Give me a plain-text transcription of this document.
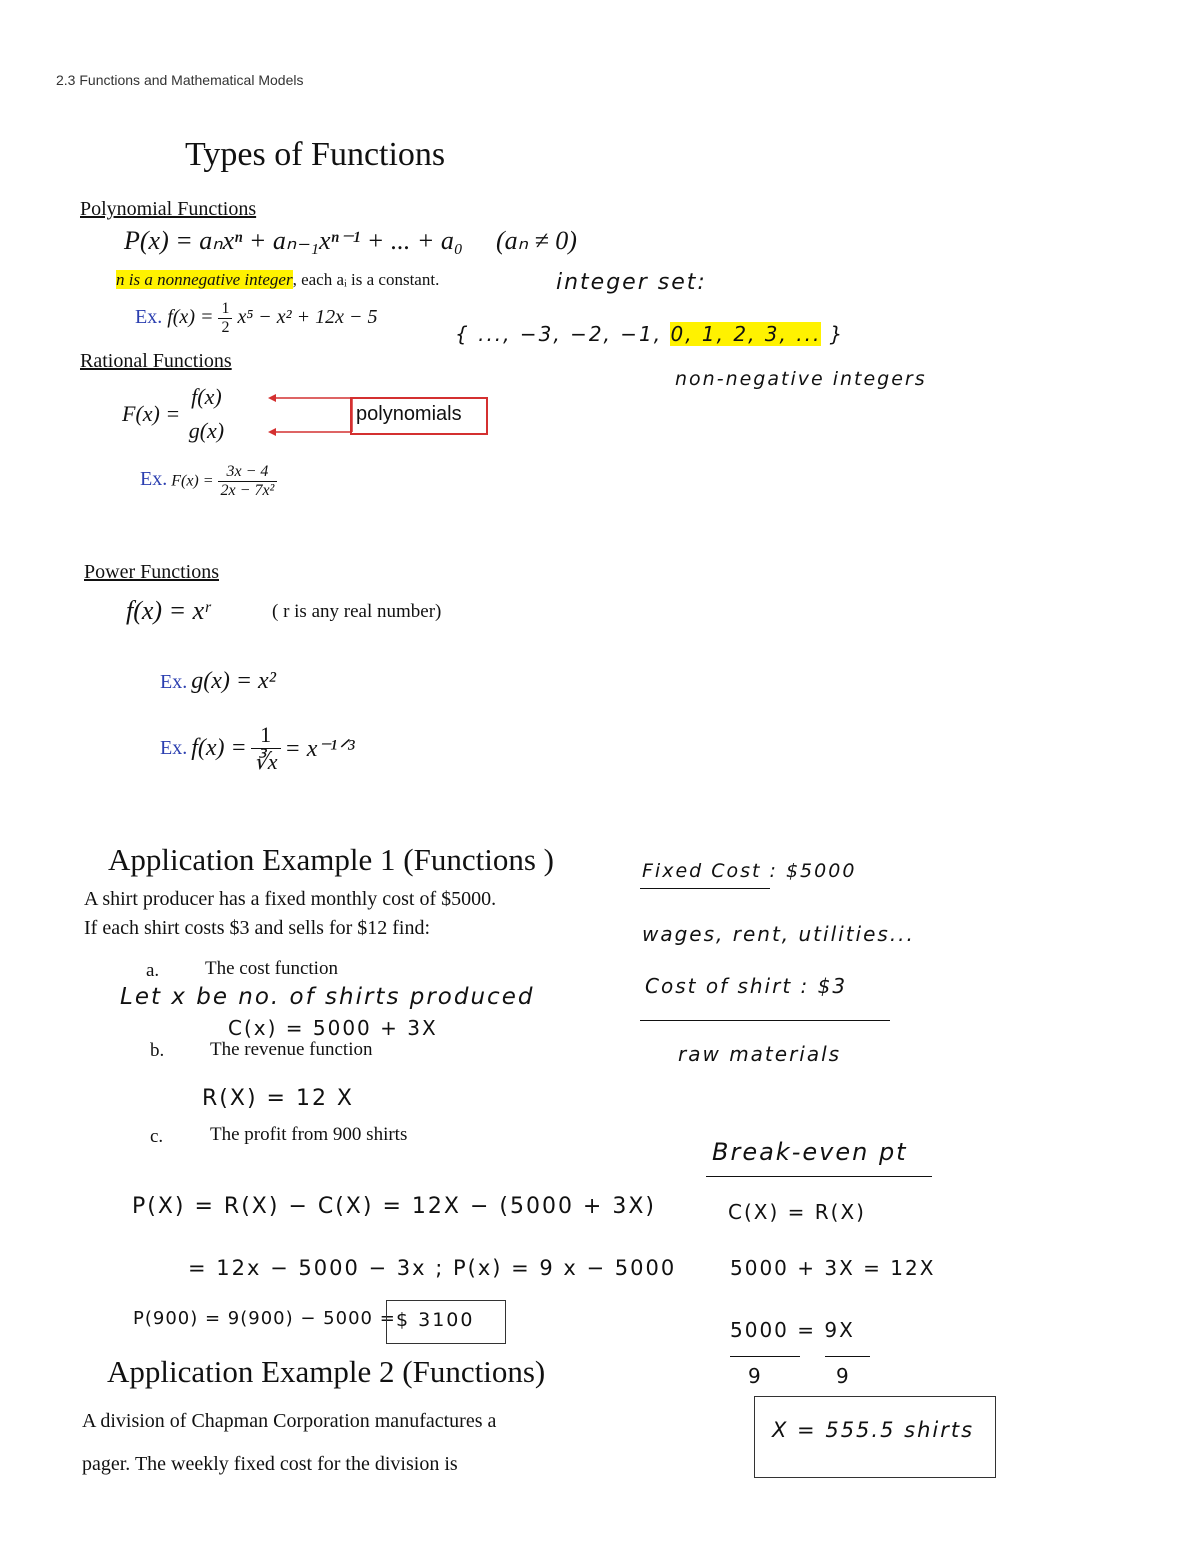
2.3 Functions and Mathematical Models
Types of Functions
Polynomial Functions
P(x) = aₙxⁿ + aₙ₋₁xⁿ⁻¹ + ... + a₀ (aₙ ≠ 0)
n is a nonnegative integer, each aᵢ is a constant.
Ex. $f(x) = \frac{1}{2} x^5 - x^2 + 12x - 5$
integer set:
{ ..., −3, −2, −1, 0, 1, 2, 3, ... }
non-negative integers
Rational Functions
F(x) =
f(x)
g(x)
polynomials
Ex. $F(x) = \frac{3x - 4}{\text{2x − 7x²}}$
Power Functions
f(x) = xʳ	( r is any real number)
Ex. g(x) = x²
Ex. $f(x) = \frac{1}{∛x}$ = x⁻¹ᐟ³
Application Example 1 (Functions )
A shirt producer has a fixed monthly cost of $5000.
If each shirt costs $3 and sells for $12 find:
a. The cost function
Let x be no. of shirts produced
C(x) = 5000 + 3X
b. The revenue function
R(X) = 12 X
c. The profit from 900 shirts
P(X) = R(X) − C(X) = 12X − (5000 + 3X)
= 12x − 5000 − 3x ; P(x) = 9 x − 5000
P(900) = 9(900) − 5000 = $ 3100
Fixed Cost : $5000
wages, rent, utilities...
Cost of shirt : $3
raw materials
Break-even pt
C(X) = R(X)
5000 + 3X = 12X
5000 = 9X
9	9
X = 555.5 shirts
Application Example 2 (Functions)
A division of Chapman Corporation manufactures a
pager. The weekly fixed cost for the division is
